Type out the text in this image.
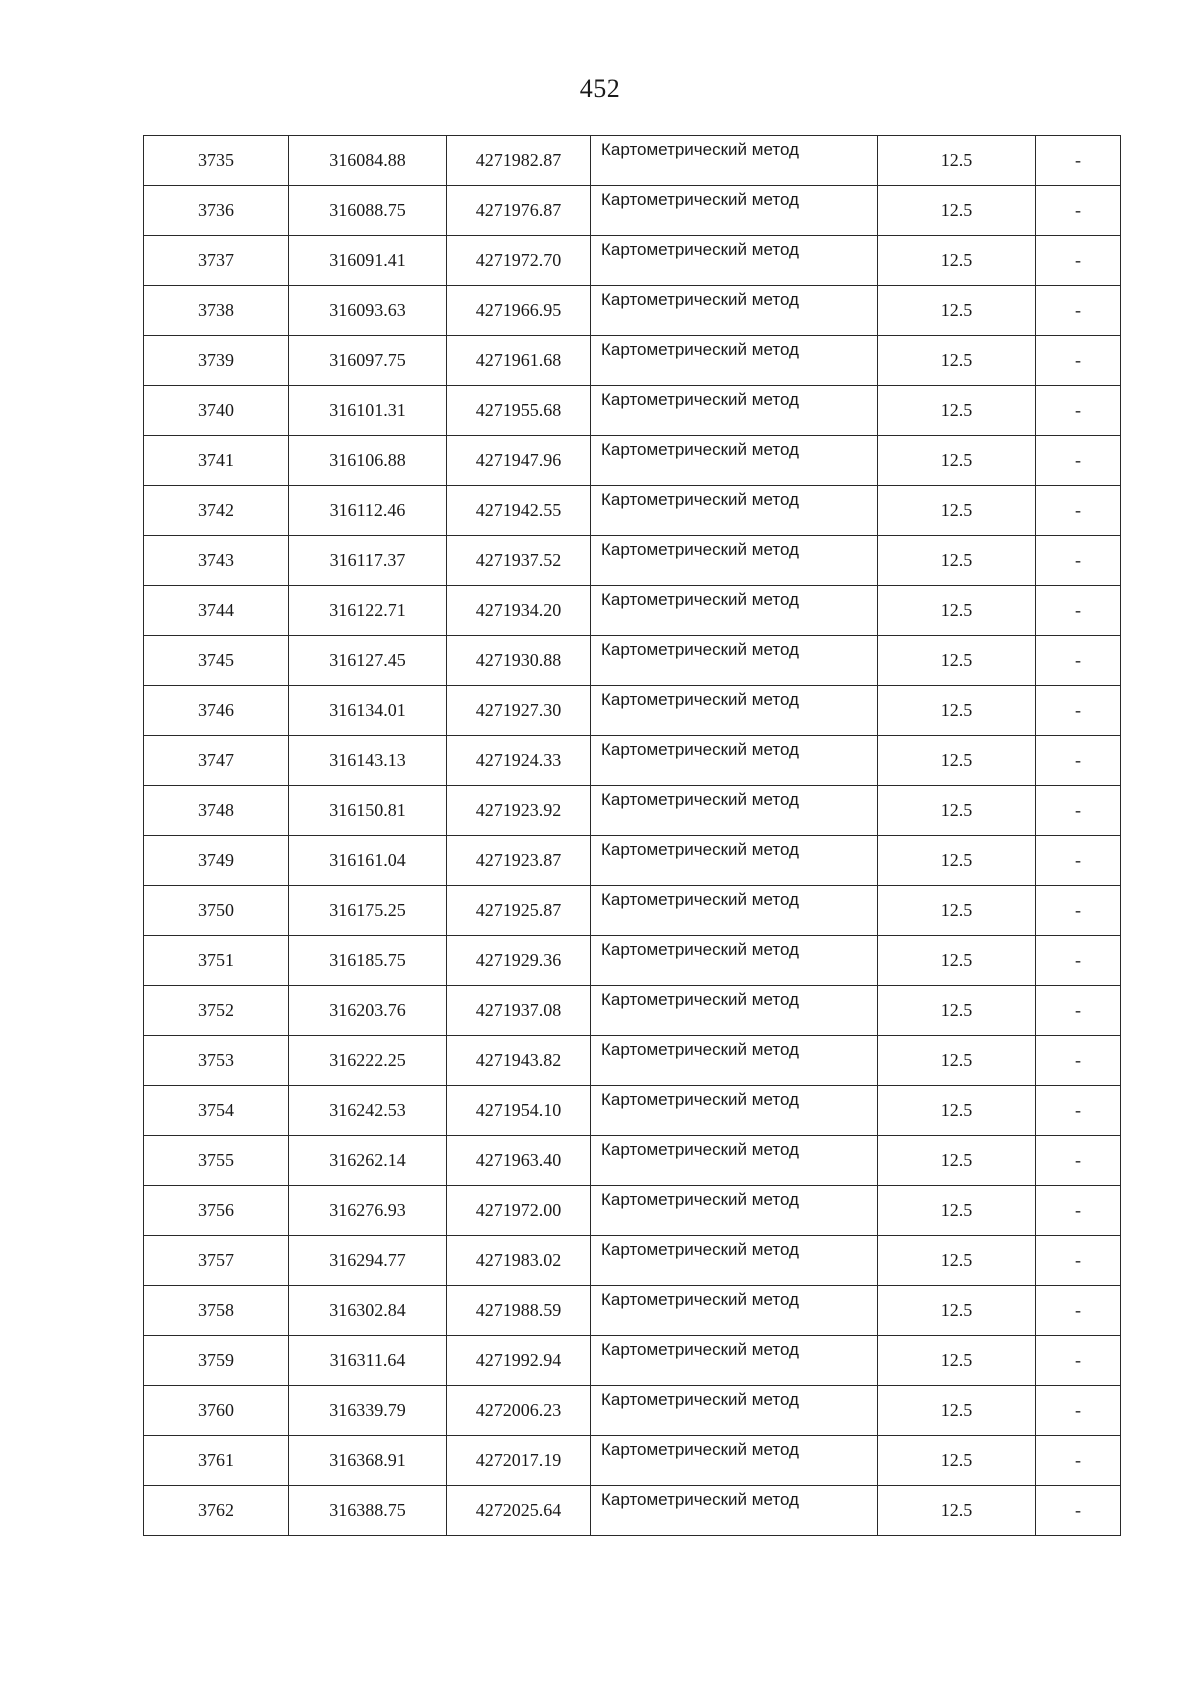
452
3735	316084.88	4271982.87	Картометрический метод	12.5	-
3736	316088.75	4271976.87	Картометрический метод	12.5	-
3737	316091.41	4271972.70	Картометрический метод	12.5	-
3738	316093.63	4271966.95	Картометрический метод	12.5	-
3739	316097.75	4271961.68	Картометрический метод	12.5	-
3740	316101.31	4271955.68	Картометрический метод	12.5	-
3741	316106.88	4271947.96	Картометрический метод	12.5	-
3742	316112.46	4271942.55	Картометрический метод	12.5	-
3743	316117.37	4271937.52	Картометрический метод	12.5	-
3744	316122.71	4271934.20	Картометрический метод	12.5	-
3745	316127.45	4271930.88	Картометрический метод	12.5	-
3746	316134.01	4271927.30	Картометрический метод	12.5	-
3747	316143.13	4271924.33	Картометрический метод	12.5	-
3748	316150.81	4271923.92	Картометрический метод	12.5	-
3749	316161.04	4271923.87	Картометрический метод	12.5	-
3750	316175.25	4271925.87	Картометрический метод	12.5	-
3751	316185.75	4271929.36	Картометрический метод	12.5	-
3752	316203.76	4271937.08	Картометрический метод	12.5	-
3753	316222.25	4271943.82	Картометрический метод	12.5	-
3754	316242.53	4271954.10	Картометрический метод	12.5	-
3755	316262.14	4271963.40	Картометрический метод	12.5	-
3756	316276.93	4271972.00	Картометрический метод	12.5	-
3757	316294.77	4271983.02	Картометрический метод	12.5	-
3758	316302.84	4271988.59	Картометрический метод	12.5	-
3759	316311.64	4271992.94	Картометрический метод	12.5	-
3760	316339.79	4272006.23	Картометрический метод	12.5	-
3761	316368.91	4272017.19	Картометрический метод	12.5	-
3762	316388.75	4272025.64	Картометрический метод	12.5	-
